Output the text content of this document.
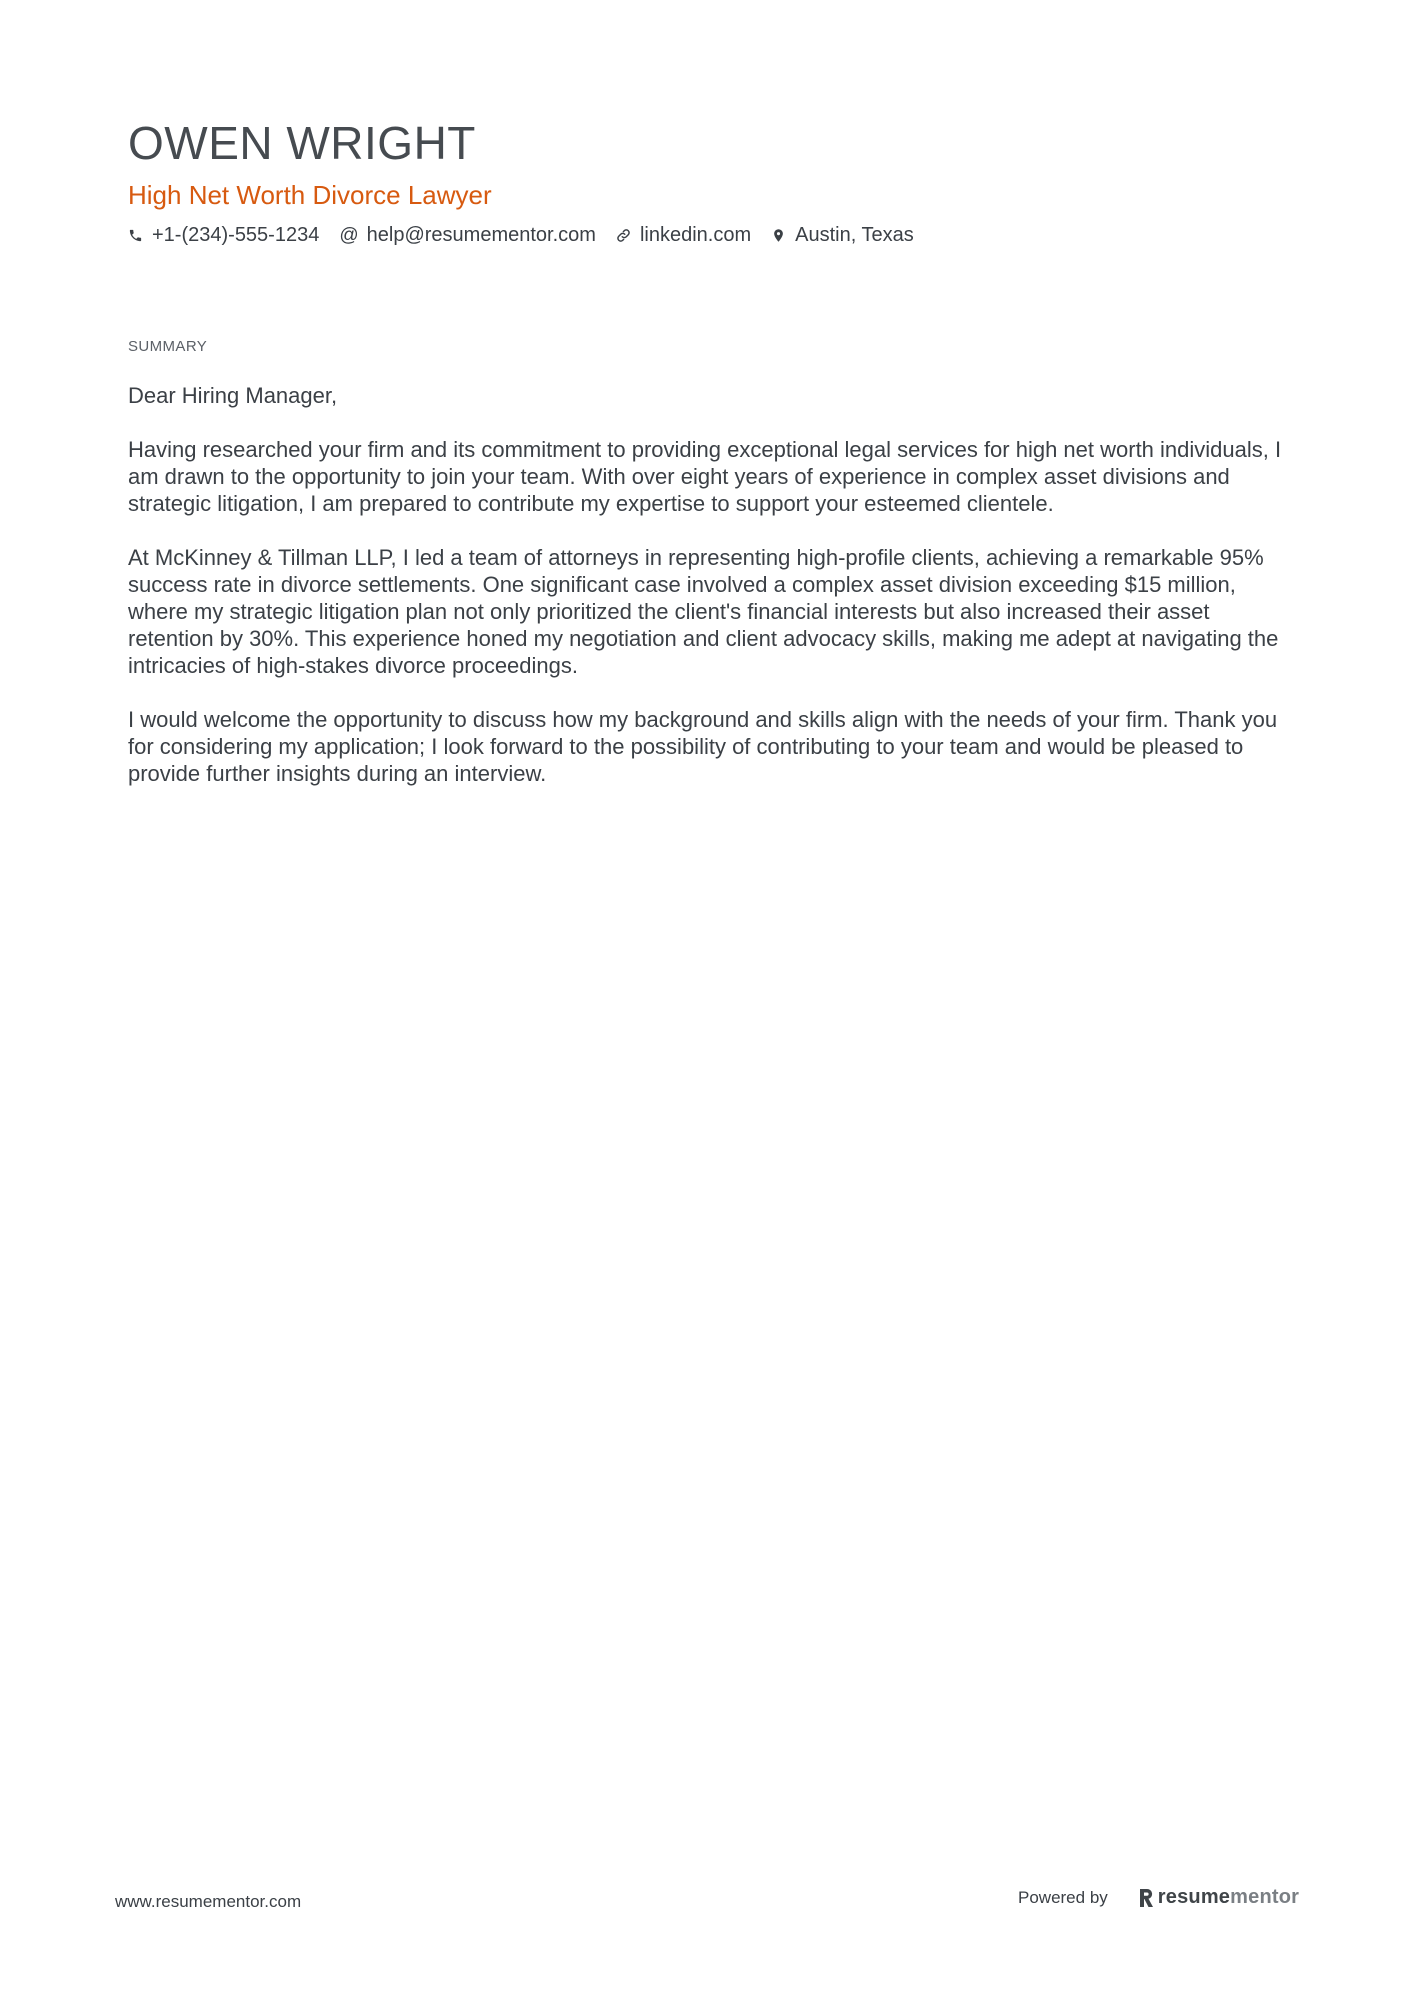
OWEN WRIGHT
High Net Worth Divorce Lawyer
+1-(234)-555-1234 @ help@resumementor.com linkedin.com Austin, Texas
SUMMARY

Dear Hiring Manager,

Having researched your firm and its commitment to providing exceptional legal services for high net worth individuals, I am drawn to the opportunity to join your team. With over eight years of experience in complex asset divisions and strategic litigation, I am prepared to contribute my expertise to support your esteemed clientele.

At McKinney & Tillman LLP, I led a team of attorneys in representing high-profile clients, achieving a remarkable 95% success rate in divorce settlements. One significant case involved a complex asset division exceeding $15 million, where my strategic litigation plan not only prioritized the client's financial interests but also increased their asset retention by 30%. This experience honed my negotiation and client advocacy skills, making me adept at navigating the intricacies of high-stakes divorce proceedings.

I would welcome the opportunity to discuss how my background and skills align with the needs of your firm. Thank you for considering my application; I look forward to the possibility of contributing to your team and would be pleased to provide further insights during an interview.

www.resumementor.com	Powered by	resume mentor
